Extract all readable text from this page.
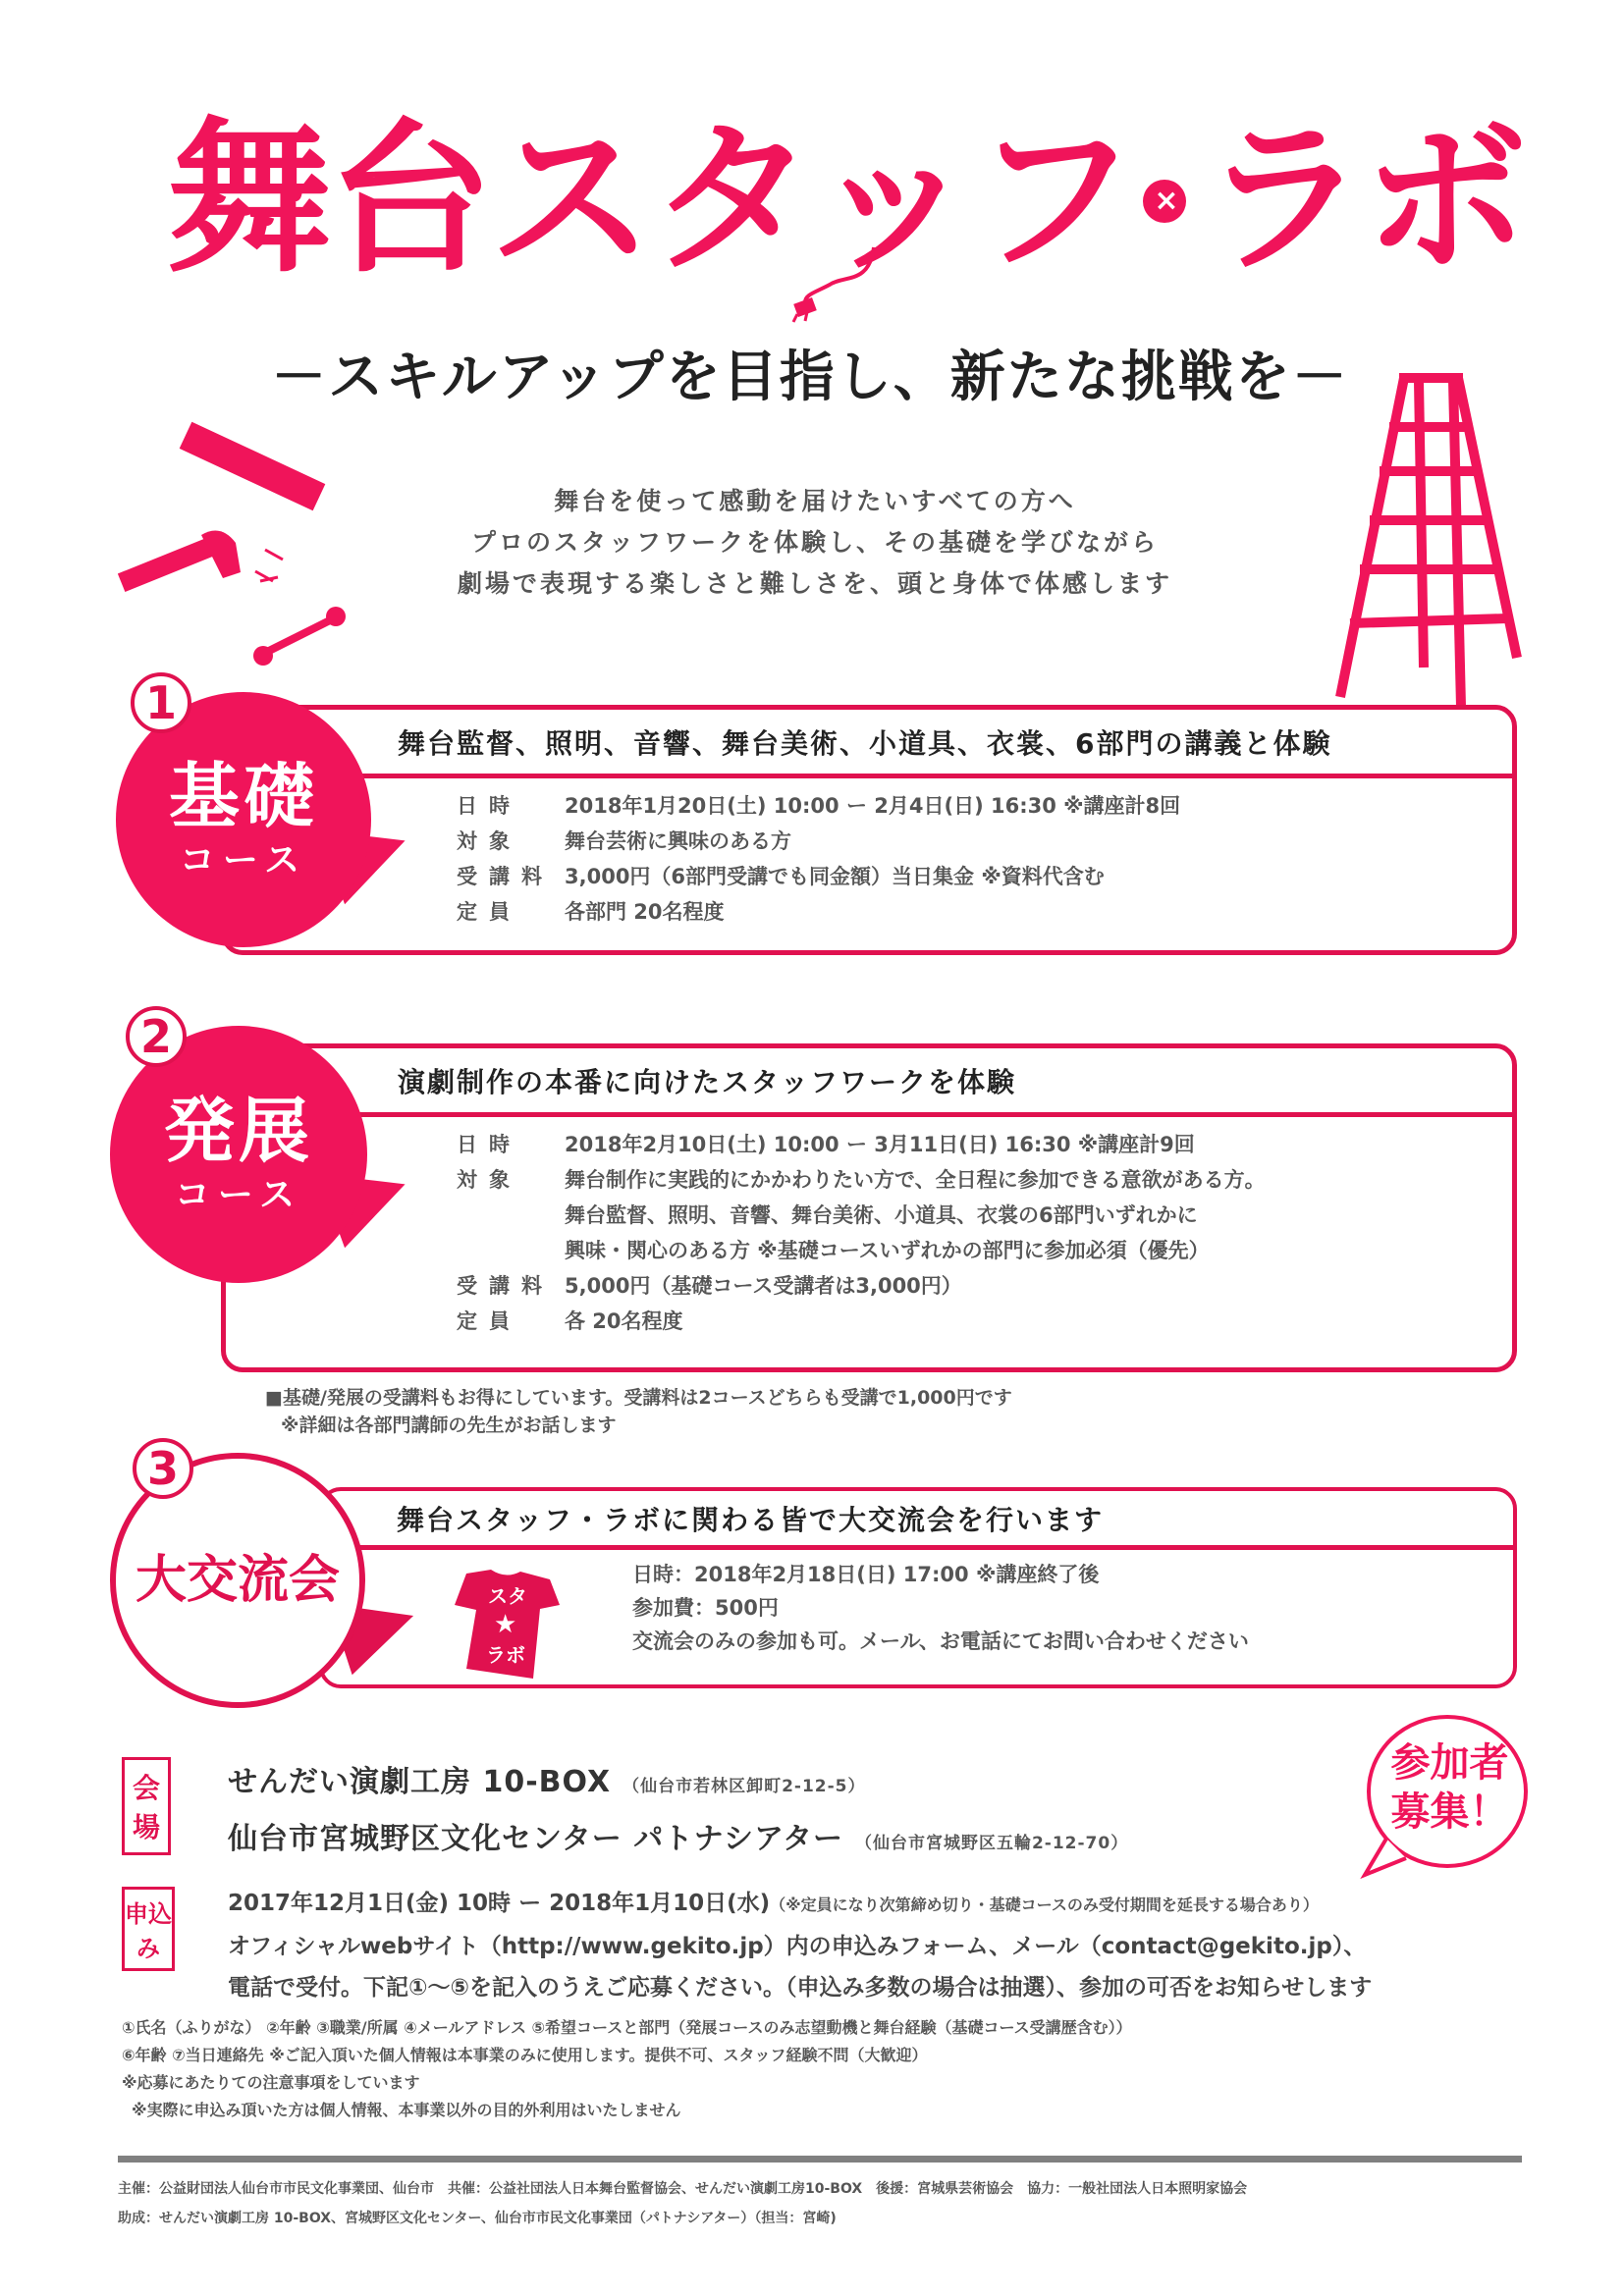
舞台スタッフ × ラボ
－スキルアップを目指し、新たな挑戦を－
舞台を使って感動を届けたいすべての方へ
プロのスタッフワークを体験し、その基礎を学びながら
劇場で表現する楽しさと難しさを、頭と身体で体感します
舞台監督、照明、音響、舞台美術、小道具、衣裳、6部門の講義と体験
日時	2018年1月20日(土) 10:00 ー 2月4日(日) 16:30 ※講座計8回
対象	舞台芸術に興味のある方
受講料 3,000円（6部門受講でも同金額）当日集金 ※資料代含む
定員	各部門 20名程度
基礎
コース
1
演劇制作の本番に向けたスタッフワークを体験
日時	2018年2月10日(土) 10:00 ー 3月11日(日) 16:30 ※講座計9回
対象	舞台制作に実践的にかかわりたい方で、全日程に参加できる意欲がある方。
舞台監督、照明、音響、舞台美術、小道具、衣裳の6部門いずれかに
興味・関心のある方 ※基礎コースいずれかの部門に参加必須（優先）
受講料 5,000円（基礎コース受講者は3,000円）
定員	各 20名程度
発展
コース
2
■基礎/発展の受講料もお得にしています。受講料は2コースどちらも受講で1,000円です
※詳細は各部門講師の先生がお話します
舞台スタッフ・ラボに関わる皆で大交流会を行います
日時 ： 2018年2月18日(日) 17:00 ※講座終了後
参加費 ： 500円
交流会のみの参加も可。メール、お電話にてお問い合わせください
大交流会
3
スタ
★
ラボ
会場
せんだい演劇工房 10-BOX （仙台市若林区卸町2-12-5）
仙台市宮城野区文化センター パトナシアター （仙台市宮城野区五輪2-12-70）
参加者
募集！
申込み
2017年12月1日(金) 10時 ー 2018年1月10日(水)（※定員になり次第締め切り・基礎コースのみ受付期間を延長する場合あり）
オフィシャルwebサイト（http://www.gekito.jp）内の申込みフォーム、メール（contact@gekito.jp）、
電話で受付。下記①〜⑤を記入のうえご応募ください。（申込み多数の場合は抽選）、参加の可否をお知らせします
①氏名（ふりがな） ②年齢 ③職業/所属 ④メールアドレス ⑤希望コースと部門（発展コースのみ志望動機と舞台経験（基礎コース受講歴含む））
⑥年齢 ⑦当日連絡先 ※ご記入頂いた個人情報は本事業のみに使用します。提供不可、スタッフ経験不問（大歓迎）
※応募にあたりての注意事項をしています
※実際に申込み頂いた方は個人情報、本事業以外の目的外利用はいたしません
主催：公益財団法人仙台市市民文化事業団、仙台市　共催：公益社団法人日本舞台監督協会、せんだい演劇工房10-BOX　後援：宮城県芸術協会　協力：一般社団法人日本照明家協会
助成：せんだい演劇工房 10-BOX、宮城野区文化センター、仙台市市民文化事業団（パトナシアター）（担当：宮崎)
